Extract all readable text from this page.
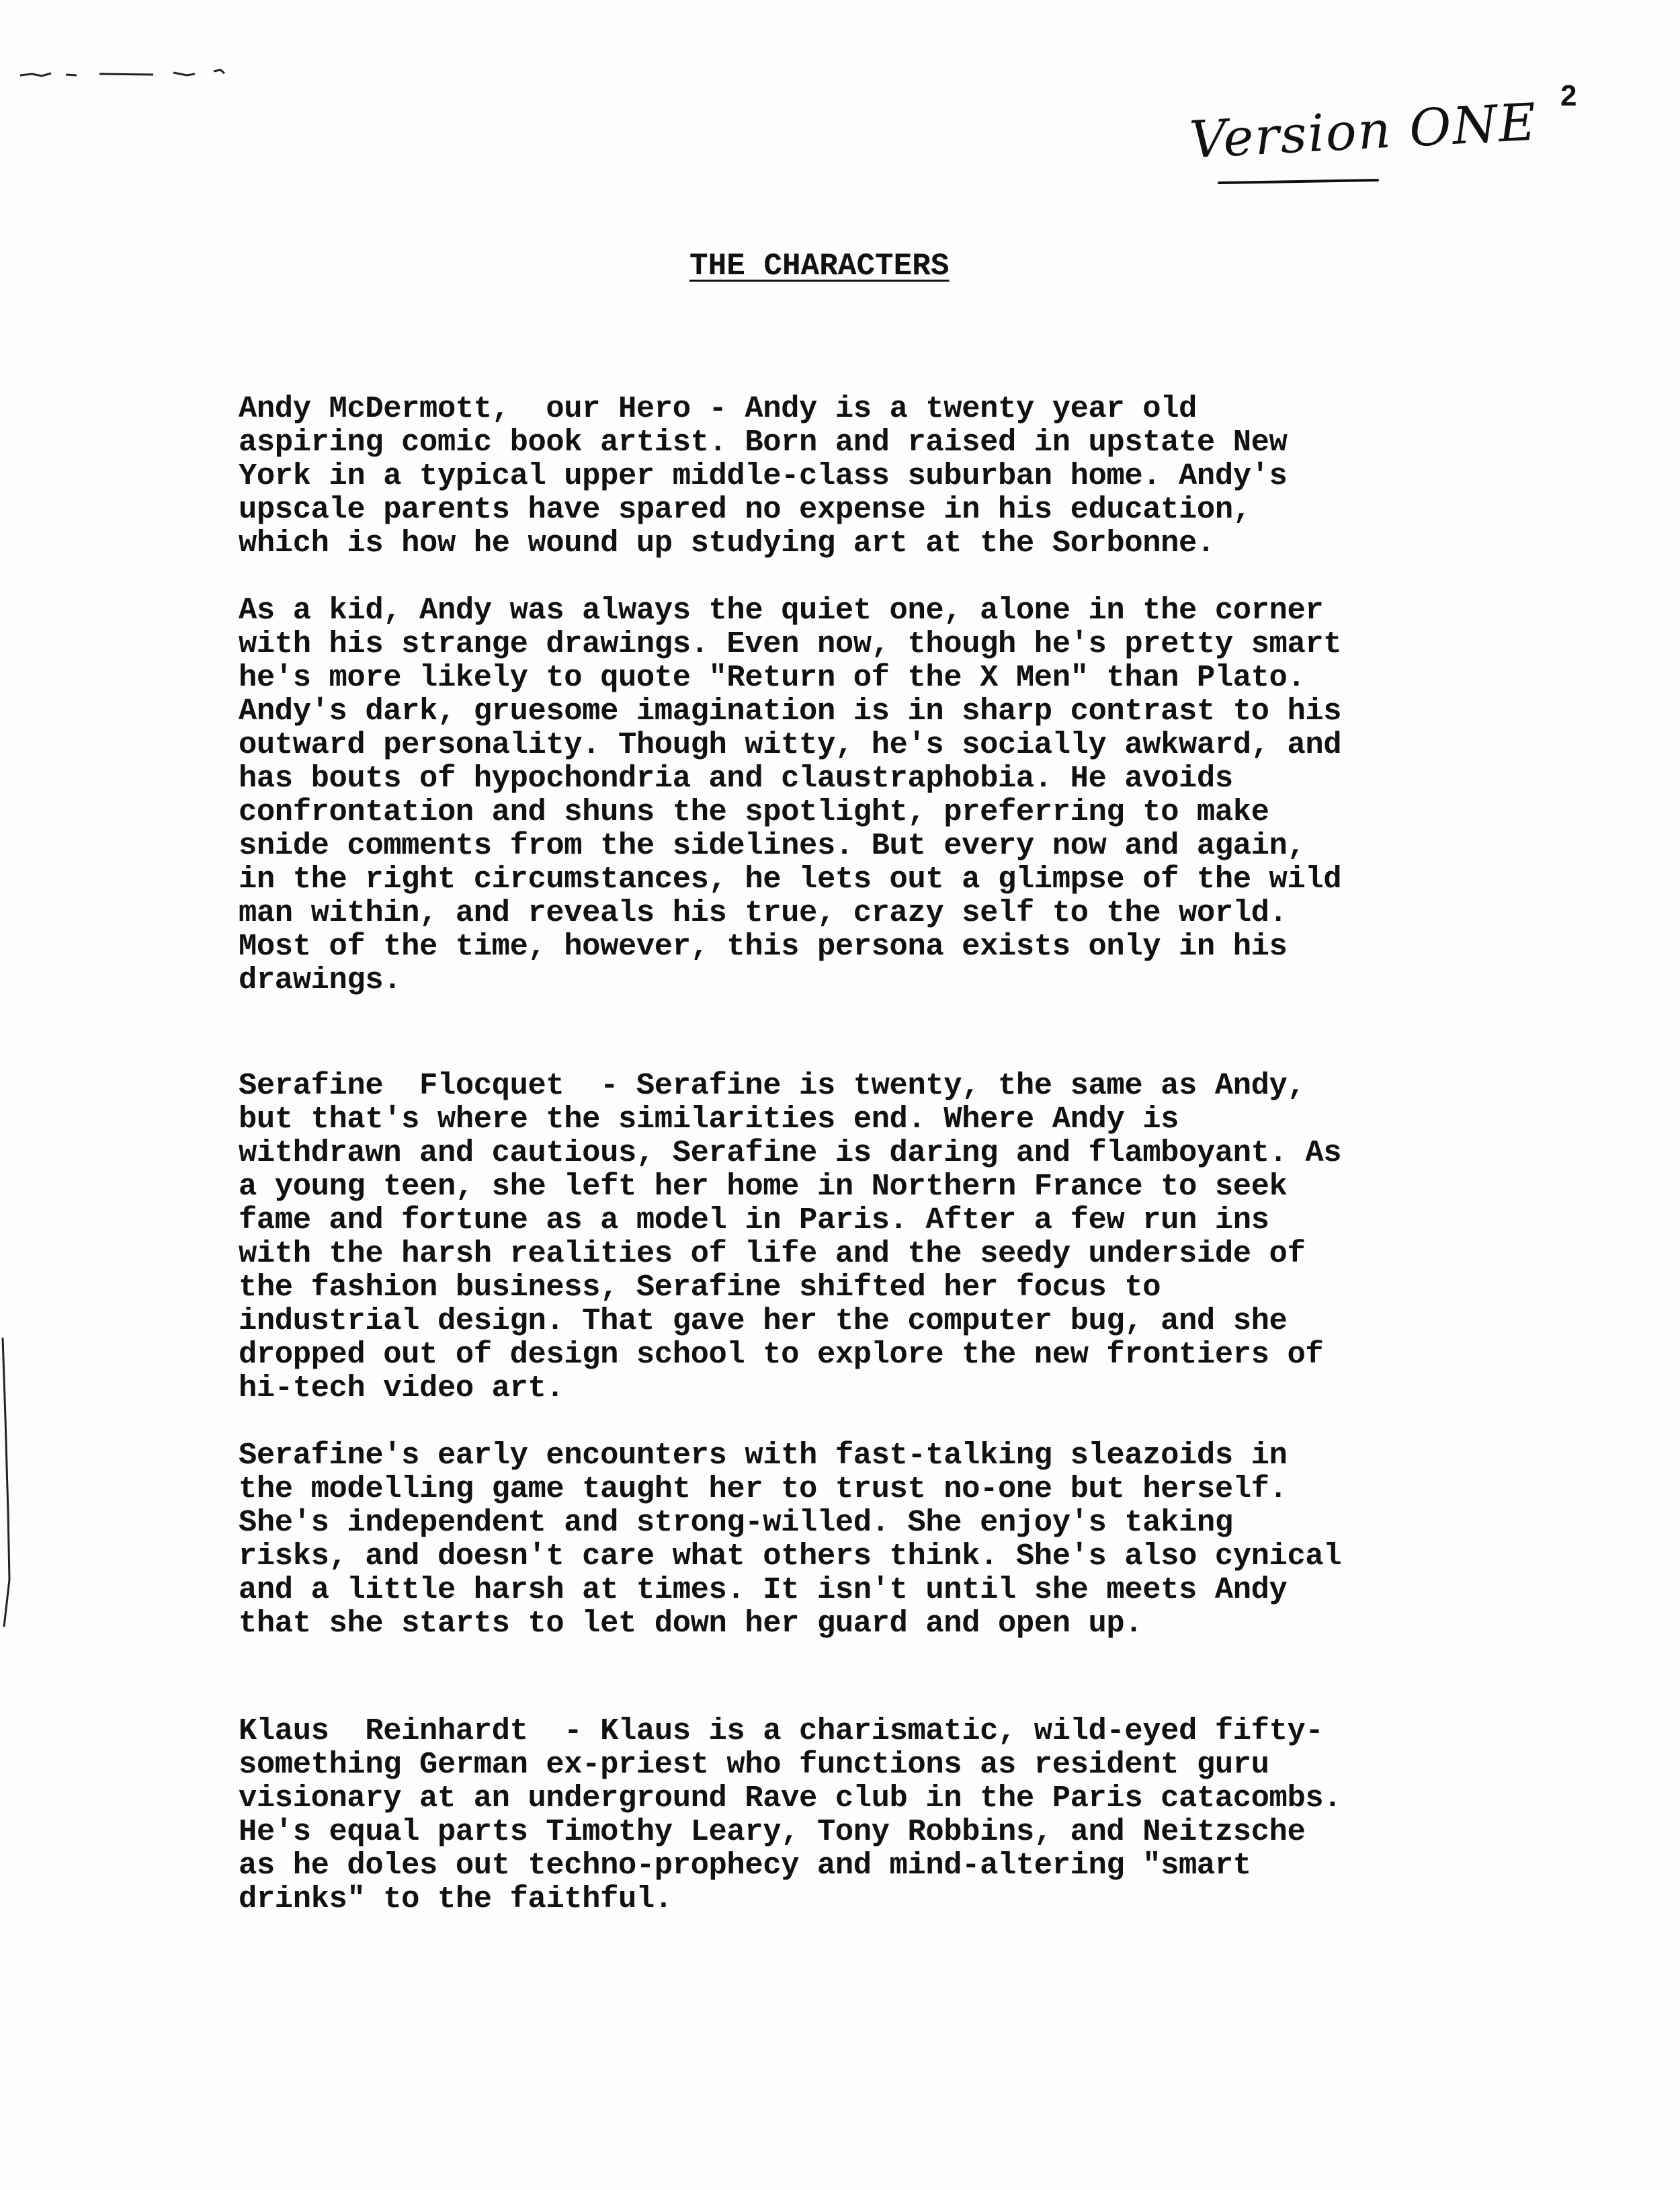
2
Version ONE
THE CHARACTERS

Andy McDermott,  our Hero - Andy is a twenty year old
aspiring comic book artist. Born and raised in upstate New
York in a typical upper middle-class suburban home. Andy's
upscale parents have spared no expense in his education,
which is how he wound up studying art at the Sorbonne.

As a kid, Andy was always the quiet one, alone in the corner
with his strange drawings. Even now, though he's pretty smart
he's more likely to quote "Return of the X Men" than Plato.
Andy's dark, gruesome imagination is in sharp contrast to his
outward personality. Though witty, he's socially awkward, and
has bouts of hypochondria and claustraphobia. He avoids
confrontation and shuns the spotlight, preferring to make
snide comments from the sidelines. But every now and again,
in the right circumstances, he lets out a glimpse of the wild
man within, and reveals his true, crazy self to the world.
Most of the time, however, this persona exists only in his
drawings.

Serafine  Flocquet  - Serafine is twenty, the same as Andy,
but that's where the similarities end. Where Andy is
withdrawn and cautious, Serafine is daring and flamboyant. As
a young teen, she left her home in Northern France to seek
fame and fortune as a model in Paris. After a few run ins
with the harsh realities of life and the seedy underside of
the fashion business, Serafine shifted her focus to
industrial design. That gave her the computer bug, and she
dropped out of design school to explore the new frontiers of
hi-tech video art.

Serafine's early encounters with fast-talking sleazoids in
the modelling game taught her to trust no-one but herself.
She's independent and strong-willed. She enjoy's taking
risks, and doesn't care what others think. She's also cynical
and a little harsh at times. It isn't until she meets Andy
that she starts to let down her guard and open up.

Klaus  Reinhardt  - Klaus is a charismatic, wild-eyed fifty-
something German ex-priest who functions as resident guru
visionary at an underground Rave club in the Paris catacombs.
He's equal parts Timothy Leary, Tony Robbins, and Neitzsche
as he doles out techno-prophecy and mind-altering "smart
drinks" to the faithful.
